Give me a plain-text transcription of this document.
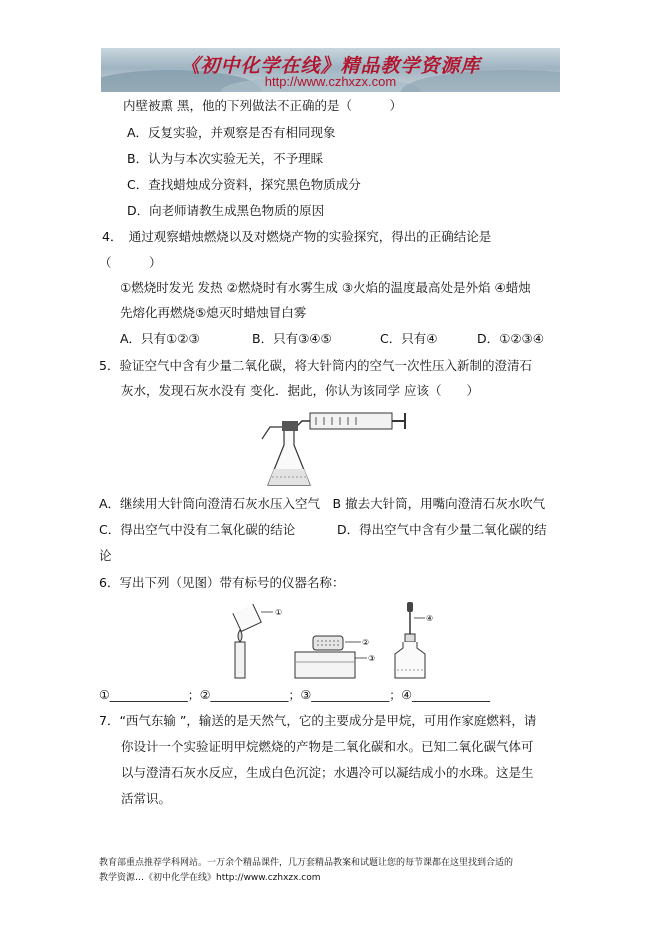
《初中化学在线》精品教学资源库
http://www.czhxzx.com
内壁被熏 黑，他的下列做法不正确的是（　　　）
A．反复实验，并观察是否有相同现象
B．认为与本次实验无关，不予理睬
C．查找蜡烛成分资料，探究黑色物质成分
D．向老师请教生成黑色物质的原因
4．　通过观察蜡烛燃烧以及对燃烧产物的实验探究，得出的正确结论是
（　　　）
①燃烧时发光 发热 ②燃烧时有水雾生成 ③火焰的温度最高处是外焰 ④蜡烛
先熔化再燃烧⑤熄灭时蜡烛冒白雾
A．只有①②③	B．只有③④⑤	C．只有④	D．①②③④
5．验证空气中含有少量二氧化碳，将大针筒内的空气一次性压入新制的澄清石
灰水，发现石灰水没有 变化．据此，你认为该同学 应该（　　）
A．继续用大针筒向澄清石灰水压入空气　B 撤去大针筒，用嘴向澄清石灰水吹气
C．得出空气中没有二氧化碳的结论	D．得出空气中含有少量二氧化碳的结
论
6．写出下列（见图）带有标号的仪器名称：
①
②
③
④
①_____________；②_____________；③_____________；④_____________
7．“西气东输 ”，输送的是天然气，它的主要成分是甲烷，可用作家庭燃料，请
你设计一个实验证明甲烷燃烧的产物是二氧化碳和水。已知二氧化碳气体可
以与澄清石灰水反应，生成白色沉淀；水遇冷可以凝结成小的水珠。这是生
活常识。
教育部重点推荐学科网站。一万余个精品课件，几万套精品教案和试题让您的每节课都在这里找到合适的
教学资源…《初中化学在线》http://www.czhxzx.com
